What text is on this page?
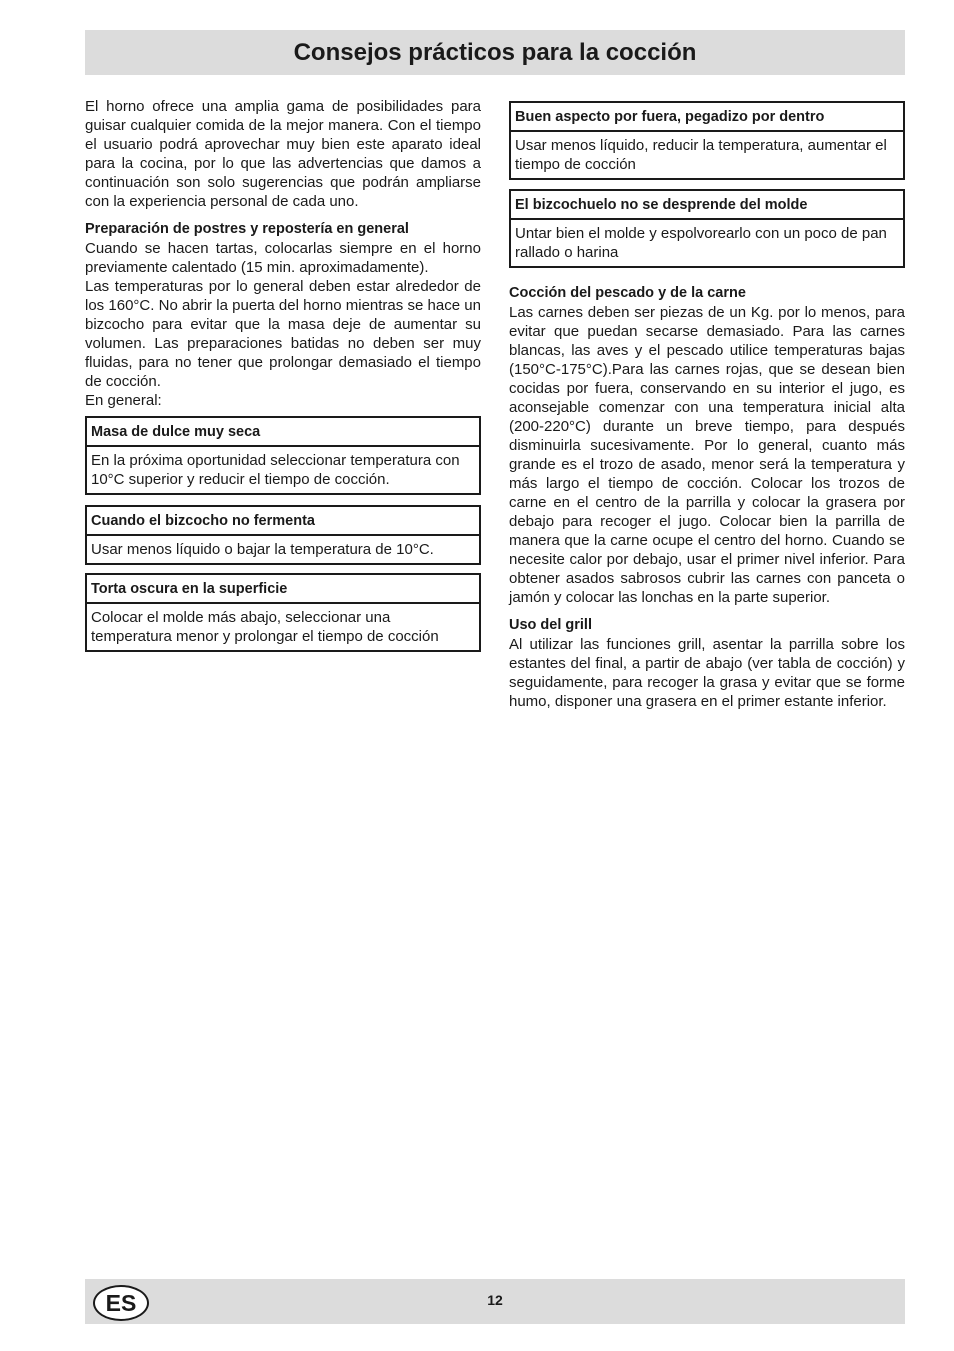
Consejos prácticos para la cocción

El horno ofrece una amplia gama de posibilidades para guisar cualquier comida de la mejor manera. Con el tiempo el usuario podrá aprovechar muy bien este aparato ideal para la cocina, por lo que las advertencias que damos a continuación son solo sugerencias que podrán ampliarse con la experiencia personal de cada uno.

Preparación de postres y repostería en general

Cuando se hacen tartas, colocarlas siempre en el horno previamente calentado (15 min. aproximadamente).

Las temperaturas por lo general deben estar alrededor de los 160°C. No abrir la puerta del horno mientras se hace un bizcocho para evitar que la masa deje de aumentar su volumen. Las preparaciones batidas no deben ser muy fluidas, para no tener que prolongar demasiado el tiempo de cocción.

En general:

Masa de dulce muy seca
En la próxima oportunidad seleccionar temperatura con 10°C superior y reducir el tiempo de cocción.
Cuando el bizcocho no fermenta
Usar menos líquido o bajar la temperatura de 10°C.
Torta oscura en la superficie
Colocar el molde más abajo, seleccionar una temperatura menor y prolongar el tiempo de cocción
Buen aspecto por fuera, pegadizo por dentro
Usar menos líquido, reducir la temperatura, aumentar el tiempo de cocción
El bizcochuelo no se desprende del molde
Untar bien el molde y espolvorearlo con un poco de pan rallado o harina
Cocción del pescado y de la carne

Las carnes deben ser piezas de un Kg. por lo menos, para evitar que puedan secarse demasiado. Para las carnes blancas, las aves y el pescado utilice temperaturas bajas (150°C-175°C).Para las carnes rojas, que se desean bien cocidas por fuera, conservando en su interior el jugo, es aconsejable comenzar con una temperatura inicial alta (200-220°C) durante un breve tiempo, para después disminuirla sucesivamente. Por lo general, cuanto más grande es el trozo de asado, menor será la temperatura y más largo el tiempo de cocción. Colocar los trozos de carne en el centro de la parrilla y colocar la grasera por debajo para recoger el jugo. Colocar bien la parrilla de manera que la carne ocupe el centro del horno. Cuando se necesite calor por debajo, usar el primer nivel inferior. Para obtener asados sabrosos cubrir las carnes con panceta o jamón y colocar las lonchas en la parte superior.

Uso del grill

Al utilizar las funciones grill, asentar la parrilla sobre los estantes del final, a partir de abajo (ver tabla de cocción) y seguidamente, para recoger la grasa y evitar que se forme humo, disponer una grasera en el primer estante inferior.

ES	12
